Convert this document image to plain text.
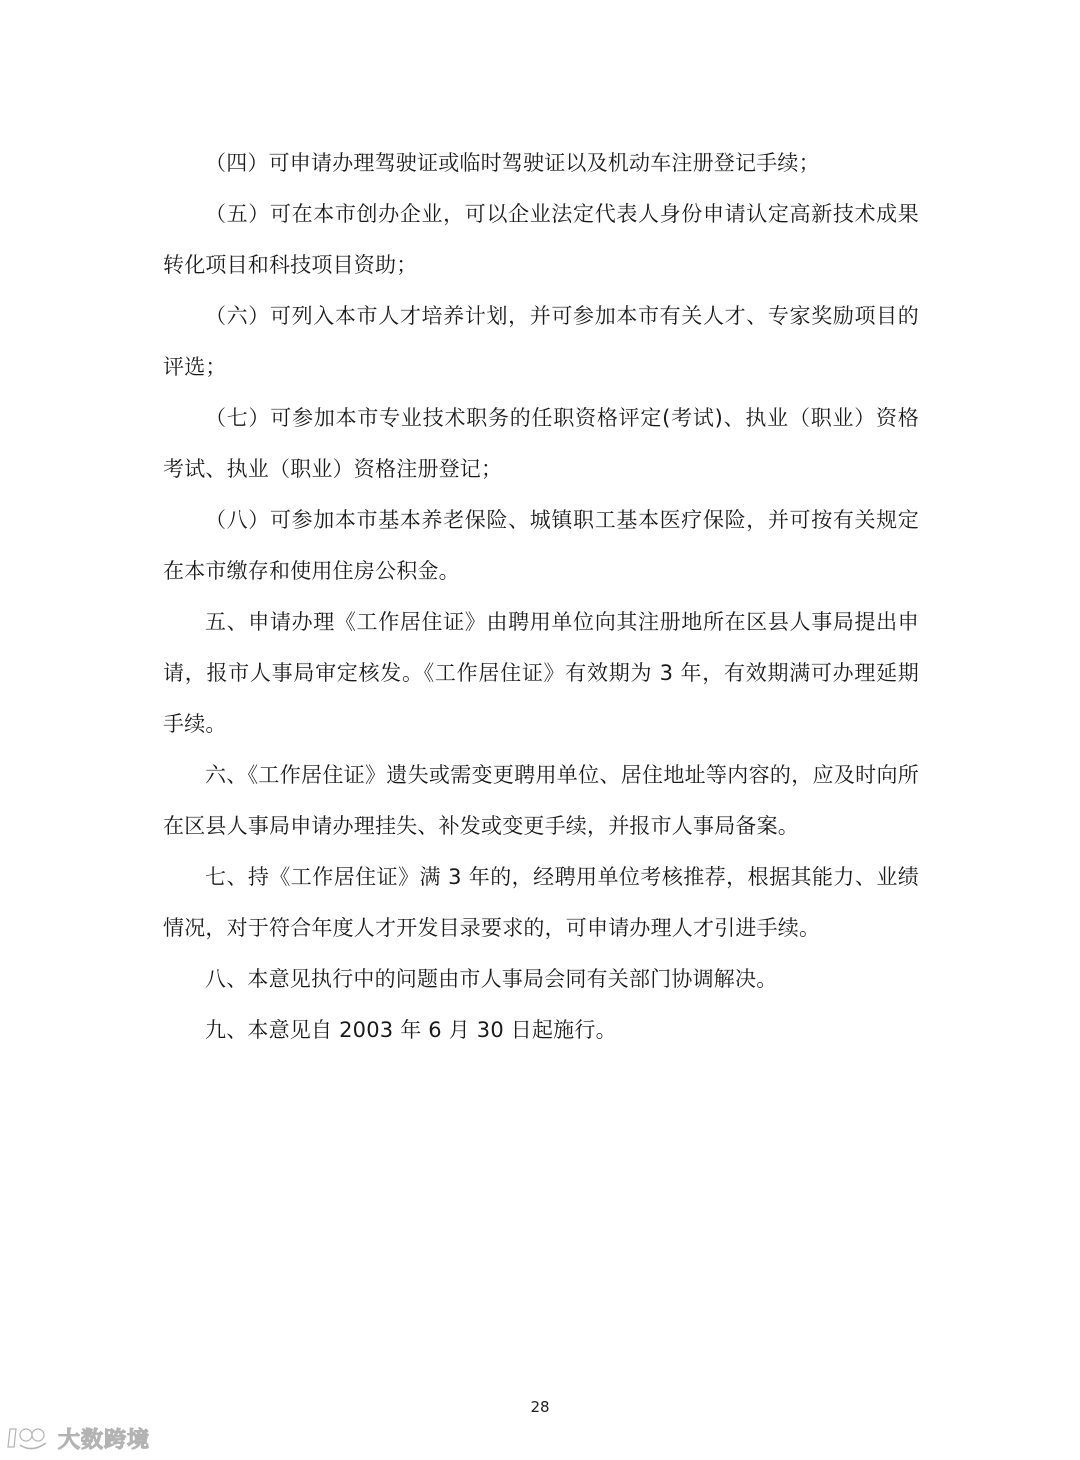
（四）可申请办理驾驶证或临时驾驶证以及机动车注册登记手续；

（五）可在本市创办企业，可以企业法定代表人身份申请认定高新技术成果转化项目和科技项目资助；

（六）可列入本市人才培养计划，并可参加本市有关人才、专家奖励项目的评选；

（七）可参加本市专业技术职务的任职资格评定(考试)、执业（职业）资格考试、执业（职业）资格注册登记；

（八）可参加本市基本养老保险、城镇职工基本医疗保险，并可按有关规定在本市缴存和使用住房公积金。

五、申请办理《工作居住证》由聘用单位向其注册地所在区县人事局提出申请，报市人事局审定核发。《工作居住证》有效期为 3 年，有效期满可办理延期手续。

六、《工作居住证》遗失或需变更聘用单位、居住地址等内容的，应及时向所在区县人事局申请办理挂失、补发或变更手续，并报市人事局备案。

七、持《工作居住证》满 3 年的，经聘用单位考核推荐，根据其能力、业绩情况，对于符合年度人才开发目录要求的，可申请办理人才引进手续。

八、本意见执行中的问题由市人事局会同有关部门协调解决。

九、本意见自 2003 年 6 月 30 日起施行。

28
大数跨境
